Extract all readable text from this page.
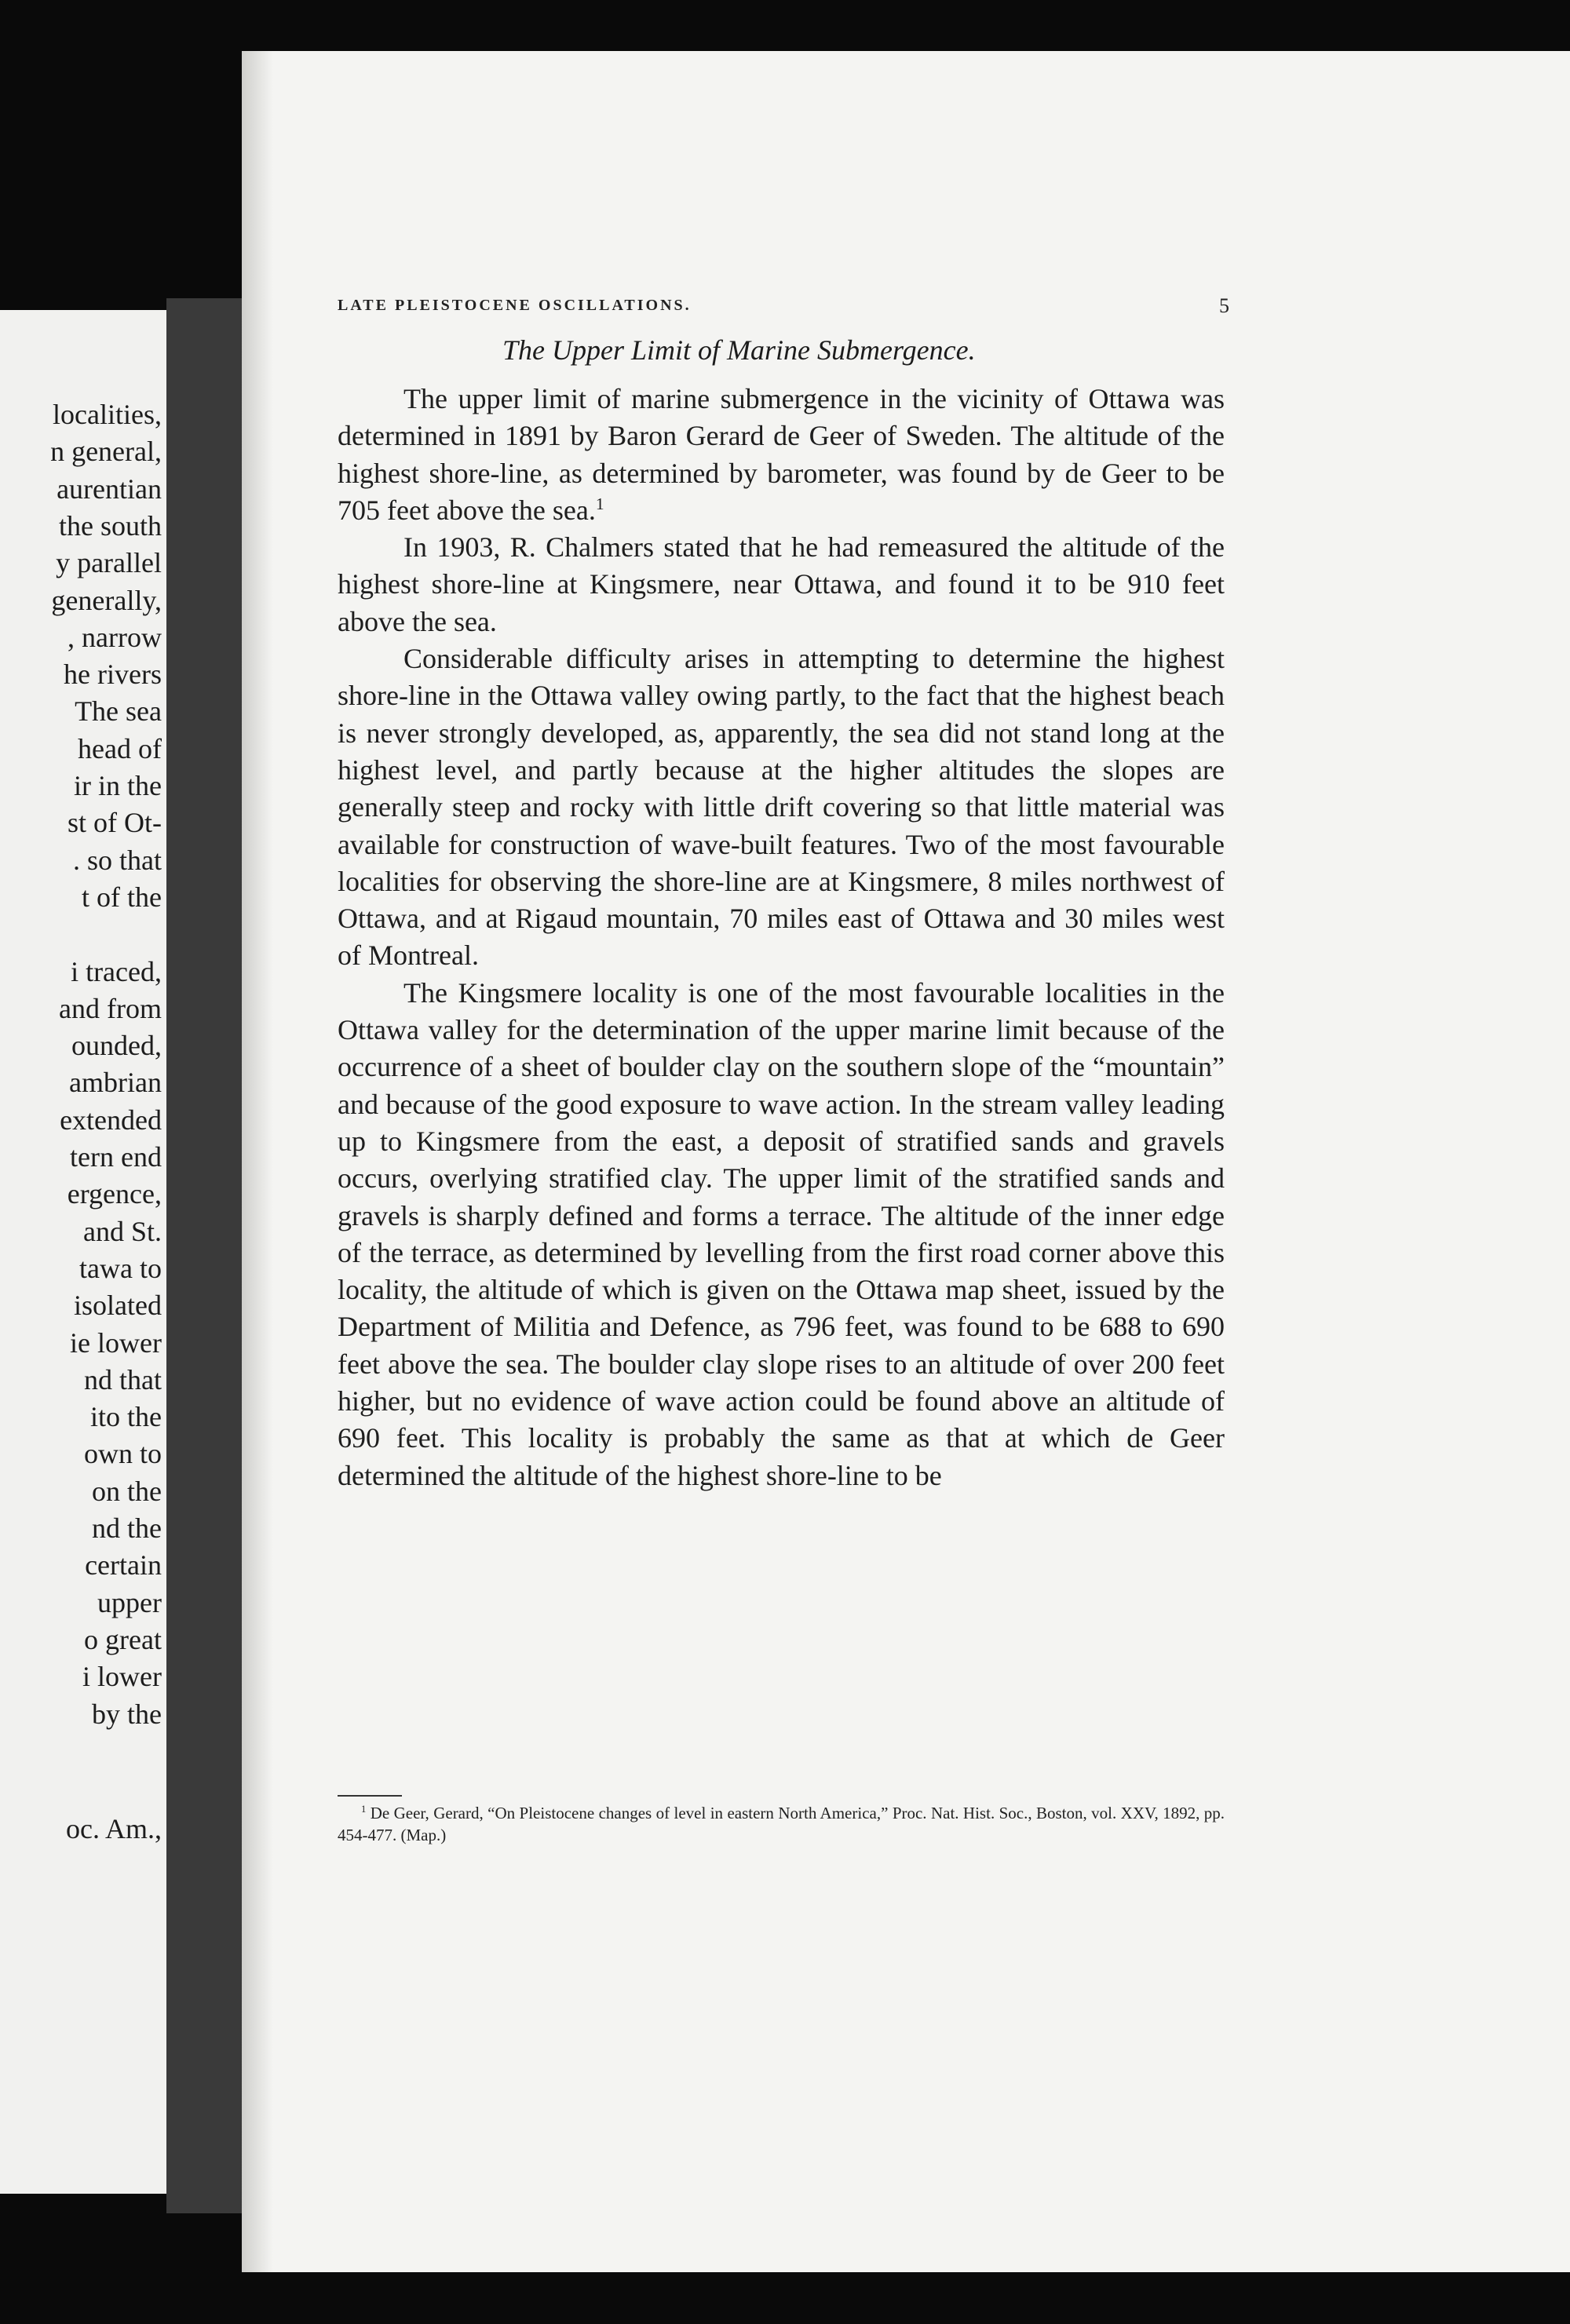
localities,
n general,
aurentian
the south
y parallel
generally,
, narrow
he rivers
The sea
head of
ir in the
st of Ot-
. so that
t of the
i traced,
and from
ounded,
ambrian
extended
tern end
ergence,
and St.
tawa to
isolated
ie lower
nd that
ito the
own to
on the
nd the
certain
upper
o great
i lower
by the
oc. Am.,
LATE PLEISTOCENE OSCILLATIONS.	5
The Upper Limit of Marine Submergence.

The upper limit of marine submergence in the vicinity of Ottawa was determined in 1891 by Baron Gerard de Geer of Sweden. The altitude of the highest shore-line, as determined by barometer, was found by de Geer to be 705 feet above the sea.$^1$

In 1903, R. Chalmers stated that he had remeasured the altitude of the highest shore-line at Kingsmere, near Ottawa, and found it to be 910 feet above the sea.

Considerable difficulty arises in attempting to determine the highest shore-line in the Ottawa valley owing partly, to the fact that the highest beach is never strongly developed, as, apparently, the sea did not stand long at the highest level, and partly because at the higher altitudes the slopes are generally steep and rocky with little drift covering so that little material was available for construction of wave-built features. Two of the most favourable localities for observing the shore-line are at Kingsmere, 8 miles northwest of Ottawa, and at Rigaud mountain, 70 miles east of Ottawa and 30 miles west of Montreal.

The Kingsmere locality is one of the most favourable localities in the Ottawa valley for the determination of the upper marine limit because of the occurrence of a sheet of boulder clay on the southern slope of the “mountain” and because of the good exposure to wave action. In the stream valley leading up to Kingsmere from the east, a deposit of stratified sands and gravels occurs, overlying stratified clay. The upper limit of the stratified sands and gravels is sharply defined and forms a terrace. The altitude of the inner edge of the terrace, as determined by levelling from the first road corner above this locality, the altitude of which is given on the Ottawa map sheet, issued by the Department of Militia and Defence, as 796 feet, was found to be 688 to 690 feet above the sea. The boulder clay slope rises to an altitude of over 200 feet higher, but no evidence of wave action could be found above an altitude of 690 feet. This locality is probably the same as that at which de Geer determined the altitude of the highest shore-line to be

$^1$ De Geer, Gerard, “On Pleistocene changes of level in eastern North America,” Proc. Nat. Hist. Soc., Boston, vol. XXV, 1892, pp. 454-477. (Map.)
